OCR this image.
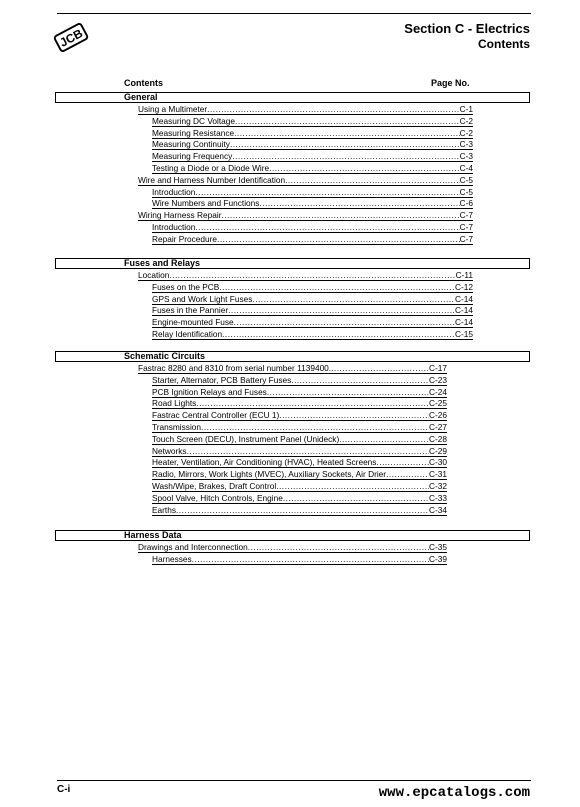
JCB	Section C - Electrics
Contents
Contents	Page No.
General
Using a Multimeter .....	C-1
Measuring DC Voltage .....	C-2
Measuring Resistance .....	C-2
Measuring Continuity .....	C-3
Measuring Frequency .....	C-3
Testing a Diode or a Diode Wire .....	C-4
Wire and Harness Number Identification .....	C-5
Introduction .....	C-5
Wire Numbers and Functions .....	C-6
Wiring Harness Repair .....	C-7
Introduction .....	C-7
Repair Procedure .....	C-7
Fuses and Relays
Location .....	C-11
Fuses on the PCB .....	C-12
GPS and Work Light Fuses .....	C-14
Fuses in the Pannier .....	C-14
Engine-mounted Fuse .....	C-14
Relay Identification .....	C-15
Schematic Circuits
Fastrac 8280 and 8310 from serial number 1139400. .....	C-17
Starter, Alternator, PCB Battery Fuses .....	C-23
PCB Ignition Relays and Fuses .....	C-24
Road Lights .....	C-25
Fastrac Central Controller (ECU 1) .....	C-26
Transmission .....	C-27
Touch Screen (DECU), Instrument Panel (Unideck) .....	C-28
Networks .....	C-29
Heater, Ventilation, Air Conditioning (HVAC), Heated Screens .....	C-30
Radio, Mirrors, Work Lights (MVEC), Auxiliary Sockets, Air Drier .....	C-31
Wash/Wipe, Brakes, Draft Control .....	C-32
Spool Valve, Hitch Controls, Engine .....	C-33
Earths .....	C-34
Harness Data
Drawings and Interconnection .....	C-35
Harnesses .....	C-39
C-i	www.epcatalogs.com
